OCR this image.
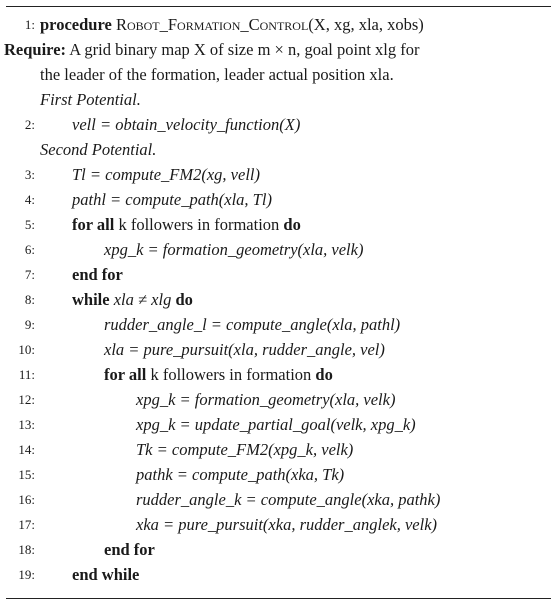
1: procedure Robot_Formation_Control(X, xg, xla, xobs)
Require: A grid binary map X of size m × n, goal point xlg for
the leader of the formation, leader actual position xla.
First Potential.
2: vell = obtain_velocity_function(X)
Second Potential.
3: Tl = compute_FM2(xg, vell)
4: pathl = compute_path(xla, Tl)
5: for all k followers in formation do
6:	xpg_k = formation_geometry(xla, velk)
7: end for
8: while xla ≠ xlg do
9:	rudder_angle_l = compute_angle(xla, pathl)
10:	xla = pure_pursuit(xla, rudder_angle, vel)
11:	for all k followers in formation do
12:	xpg_k = formation_geometry(xla, velk)
13:	xpg_k = update_partial_goal(velk, xpg_k)
14:	Tk = compute_FM2(xpg_k, velk)
15:	pathk = compute_path(xka, Tk)
16:	rudder_angle_k = compute_angle(xka, pathk)
17:	xka = pure_pursuit(xka, rudder_anglek, velk)
18:	end for
19: end while
